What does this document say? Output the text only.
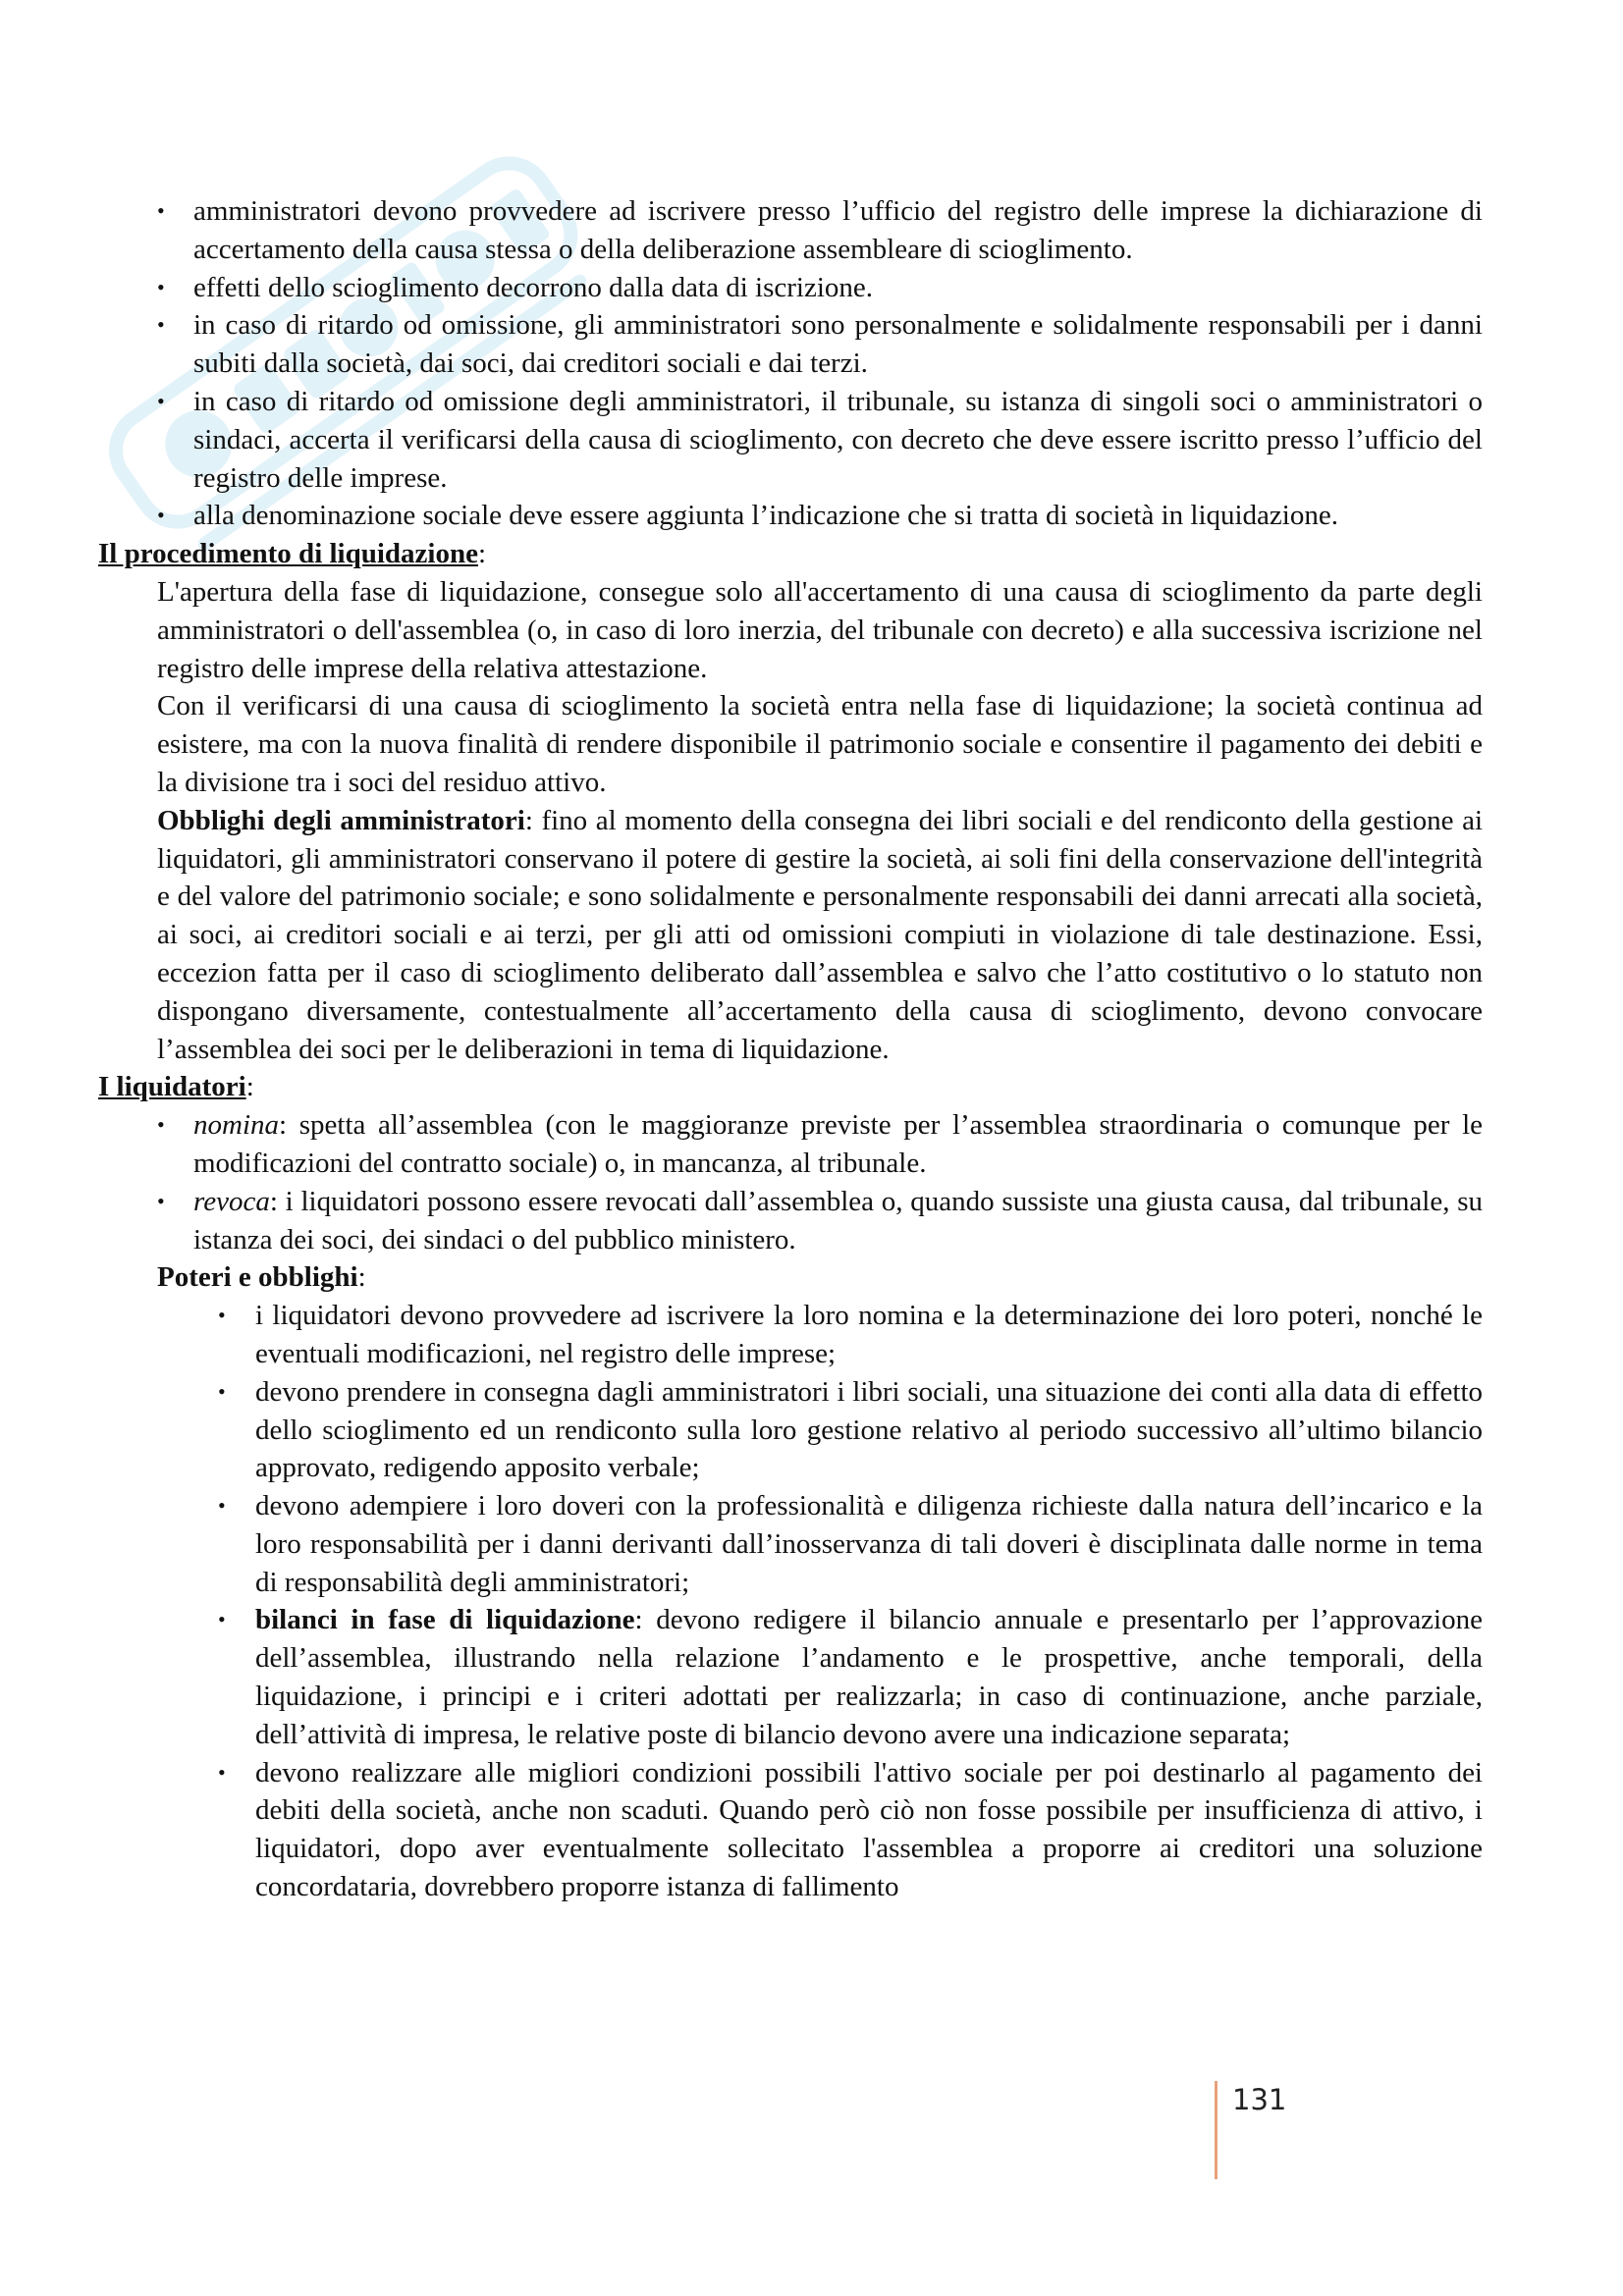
• amministratori devono provvedere ad iscrivere presso l’ufficio del registro delle imprese la dichiarazione di accertamento della causa stessa o della deliberazione assembleare di scioglimento.
• effetti dello scioglimento decorrono dalla data di iscrizione.
• in caso di ritardo od omissione, gli amministratori sono personalmente e solidalmente responsabili per i danni subiti dalla società, dai soci, dai creditori sociali e dai terzi.
• in caso di ritardo od omissione degli amministratori, il tribunale, su istanza di singoli soci o amministratori o sindaci, accerta il verificarsi della causa di scioglimento, con decreto che deve essere iscritto presso l’ufficio del registro delle imprese.
• alla denominazione sociale deve essere aggiunta l’indicazione che si tratta di società in liquidazione.

Il procedimento di liquidazione:

L'apertura della fase di liquidazione, consegue solo all'accertamento di una causa di scioglimento da parte degli amministratori o dell'assemblea (o, in caso di loro inerzia, del tribunale con decreto) e alla successiva iscrizione nel registro delle imprese della relativa attestazione.

Con il verificarsi di una causa di scioglimento la società entra nella fase di liquidazione; la società continua ad esistere, ma con la nuova finalità di rendere disponibile il patrimonio sociale e consentire il pagamento dei debiti e la divisione tra i soci del residuo attivo.

Obblighi degli amministratori: fino al momento della consegna dei libri sociali e del rendiconto della gestione ai liquidatori, gli amministratori conservano il potere di gestire la società, ai soli fini della conservazione dell'integrità e del valore del patrimonio sociale; e sono solidalmente e personalmente responsabili dei danni arrecati alla società, ai soci, ai creditori sociali e ai terzi, per gli atti od omissioni compiuti in violazione di tale destinazione. Essi, eccezion fatta per il caso di scioglimento deliberato dall’assemblea e salvo che l’atto costitutivo o lo statuto non dispongano diversamente, contestualmente all’accertamento della causa di scioglimento, devono convocare l’assemblea dei soci per le deliberazioni in tema di liquidazione.

I liquidatori:

• nomina: spetta all’assemblea (con le maggioranze previste per l’assemblea straordinaria o comunque per le modificazioni del contratto sociale) o, in mancanza, al tribunale.
• revoca: i liquidatori possono essere revocati dall’assemblea o, quando sussiste una giusta causa, dal tribunale, su istanza dei soci, dei sindaci o del pubblico ministero.

Poteri e obblighi:

• i liquidatori devono provvedere ad iscrivere la loro nomina e la determinazione dei loro poteri, nonché le eventuali modificazioni, nel registro delle imprese;
• devono prendere in consegna dagli amministratori i libri sociali, una situazione dei conti alla data di effetto dello scioglimento ed un rendiconto sulla loro gestione relativo al periodo successivo all’ultimo bilancio approvato, redigendo apposito verbale;
• devono adempiere i loro doveri con la professionalità e diligenza richieste dalla natura dell’incarico e la loro responsabilità per i danni derivanti dall’inosservanza di tali doveri è disciplinata dalle norme in tema di responsabilità degli amministratori;
• bilanci in fase di liquidazione: devono redigere il bilancio annuale e presentarlo per l’approvazione dell’assemblea, illustrando nella relazione l’andamento e le prospettive, anche temporali, della liquidazione, i principi e i criteri adottati per realizzarla; in caso di continuazione, anche parziale, dell’attività di impresa, le relative poste di bilancio devono avere una indicazione separata;
• devono realizzare alle migliori condizioni possibili l'attivo sociale per poi destinarlo al pagamento dei debiti della società, anche non scaduti. Quando però ciò non fosse possibile per insufficienza di attivo, i liquidatori, dopo aver eventualmente sollecitato l'assemblea a proporre ai creditori una soluzione concordataria, dovrebbero proporre istanza di fallimento
131
